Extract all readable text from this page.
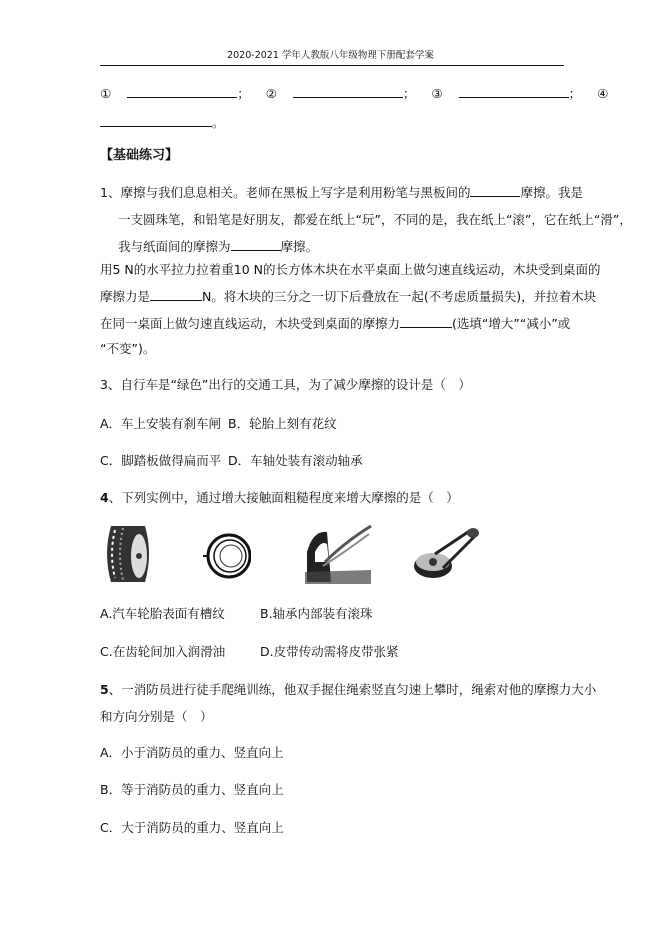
2020-2021 学年人教版八年级物理下册配套学案
①	； ②	； ③	； ④
。
【基础练习】
1、摩擦与我们息息相关。老师在黑板上写字是利用粉笔与黑板间的	摩擦。我是
一支圆珠笔，和铅笔是好朋友，都爱在纸上“玩”，不同的是，我在纸上“滚”，它在纸上“滑”，
我与纸面间的摩擦为	摩擦。
用5 N的水平拉力拉着重10 N的长方体木块在水平桌面上做匀速直线运动，木块受到桌面的
摩擦力是	N。将木块的三分之一切下后叠放在一起(不考虑质量损失)，并拉着木块
在同一桌面上做匀速直线运动，木块受到桌面的摩擦力	(选填“增大”“减小”或
“不变”)。
3、自行车是“绿色”出行的交通工具，为了减少摩擦的设计是（　）
A．车上安装有刹车闸 B．轮胎上刻有花纹
C．脚踏板做得扁而平 D．车轴处装有滚动轴承
4、下列实例中，通过增大接触面粗糙程度来增大摩擦的是（　）
A.汽车轮胎表面有槽纹	B.轴承内部装有滚珠
C.在齿轮间加入润滑油	D.皮带传动需将皮带张紧
5、一消防员进行徒手爬绳训练，他双手握住绳索竖直匀速上攀时，绳索对他的摩擦力大小
和方向分别是（　）
A．小于消防员的重力、竖直向上
B．等于消防员的重力、竖直向上
C．大于消防员的重力、竖直向上
